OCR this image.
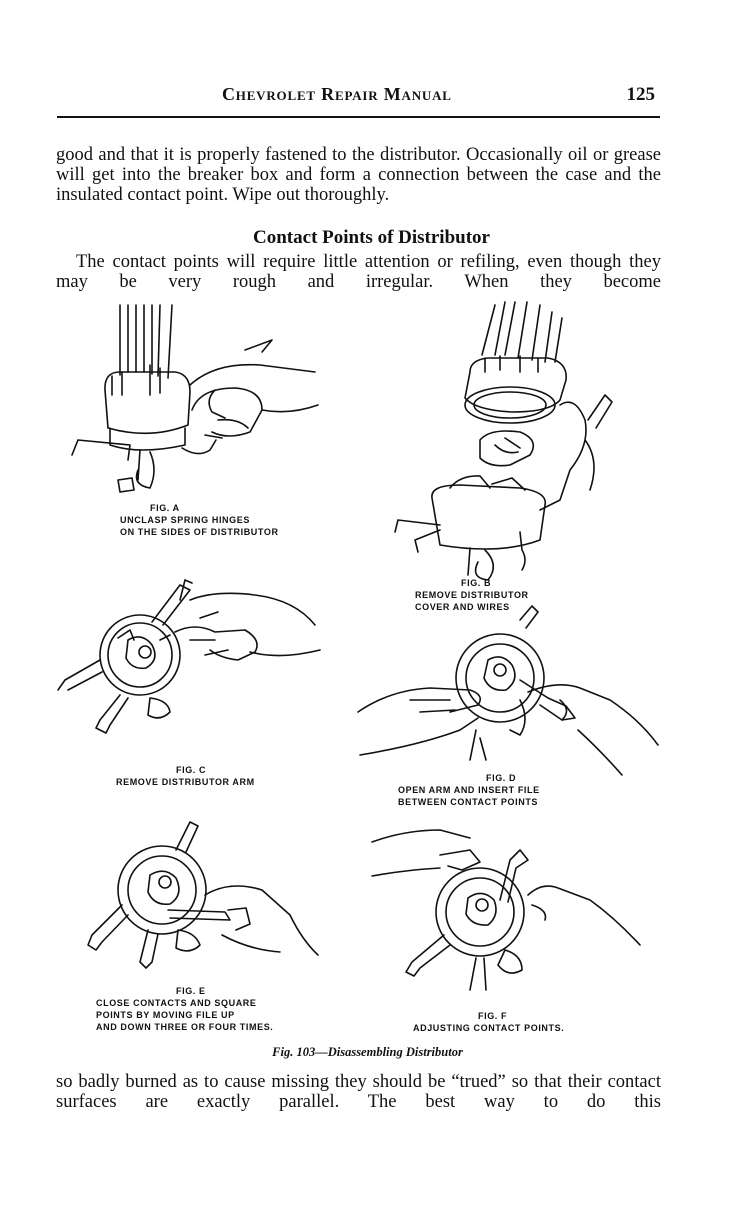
Chevrolet Repair Manual	125

good and that it is properly fastened to the distributor. Occasionally oil or grease will get into the breaker box and form a connection between the case and the insulated contact point. Wipe out thoroughly.

Contact Points of Distributor

The contact points will require little attention or refiling, even though they may be very rough and irregular. When they become

FIG. A
UNCLASP SPRING HINGES
ON THE SIDES OF DISTRIBUTOR
FIG. B
REMOVE DISTRIBUTOR
COVER AND WIRES
FIG. C
REMOVE DISTRIBUTOR ARM	FIG. D
OPEN ARM AND INSERT FILE
BETWEEN CONTACT POINTS
FIG. E
CLOSE CONTACTS AND SQUARE
POINTS BY MOVING FILE UP
AND DOWN THREE OR FOUR TIMES.
FIG. F
ADJUSTING CONTACT POINTS.
Fig. 103—Disassembling Distributor

so badly burned as to cause missing they should be “trued” so that their contact surfaces are exactly parallel. The best way to do this
